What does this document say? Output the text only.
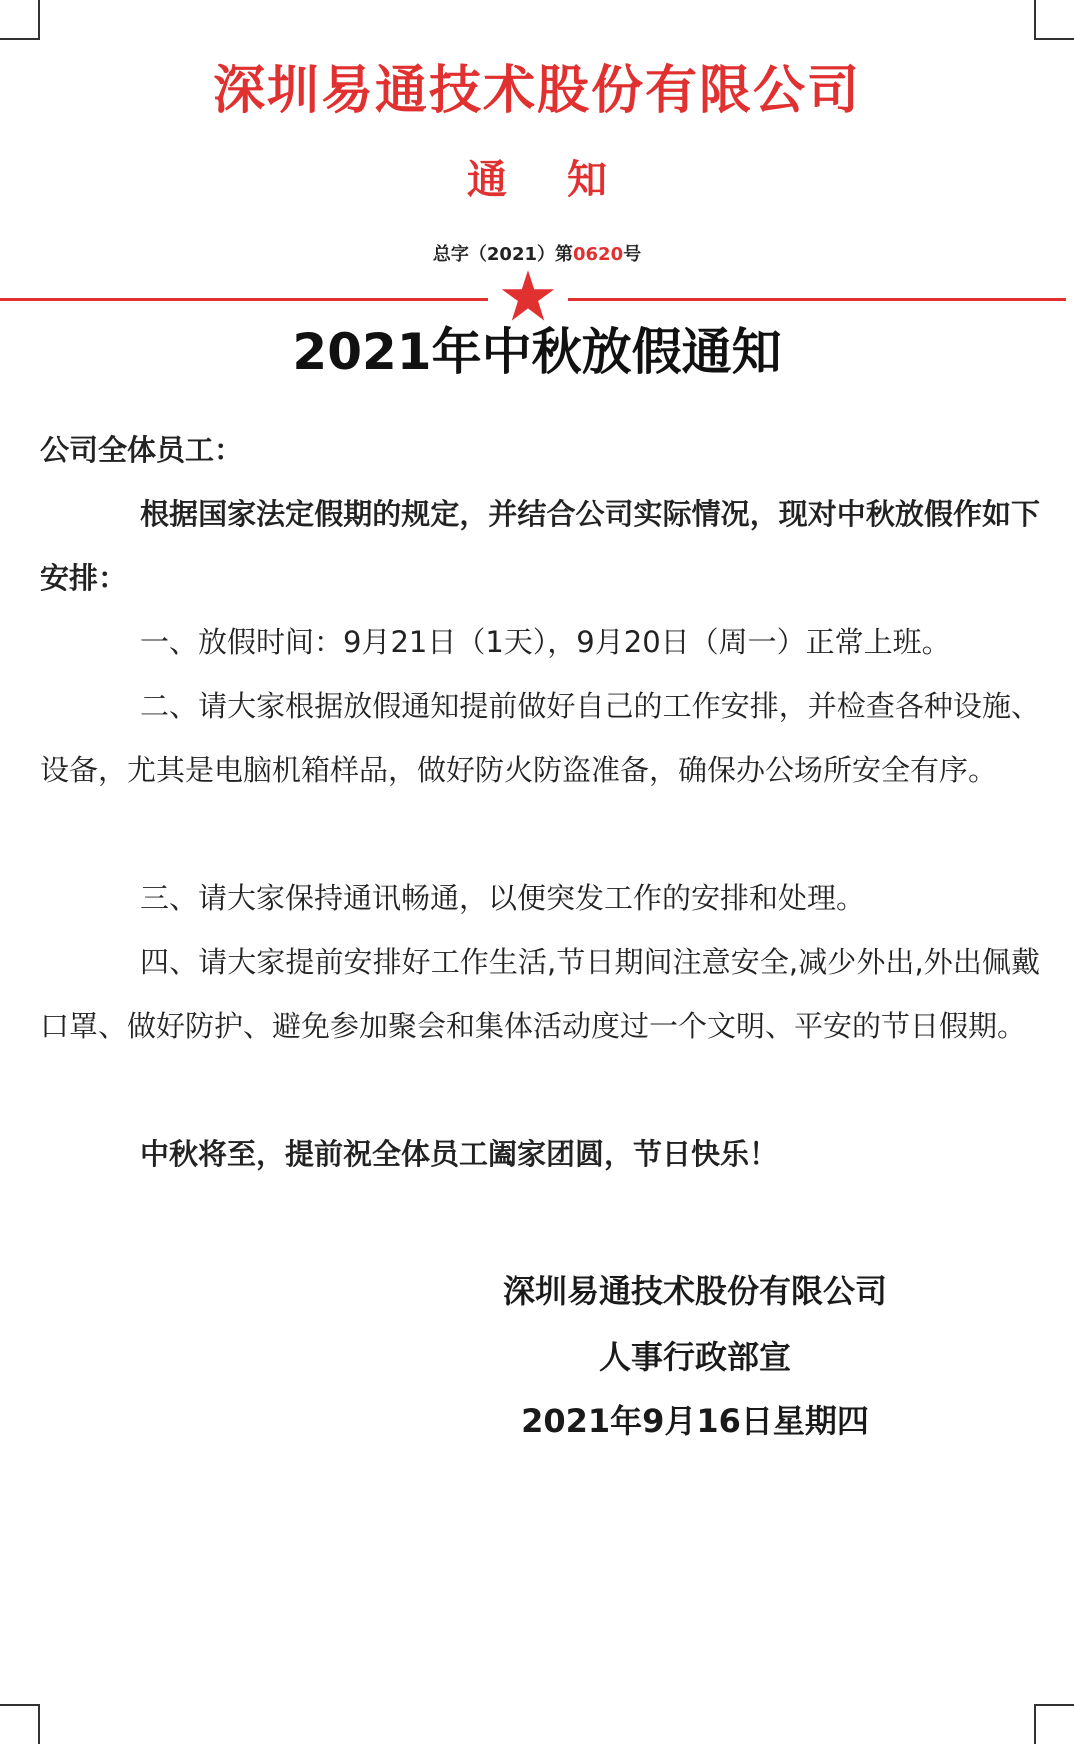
深圳易通技术股份有限公司
通知
总字（2021）第0620号
2021年中秋放假通知
公司全体员工：
根据国家法定假期的规定，并结合公司实际情况，现对中秋放假作如下安排：
一、放假时间：9月21日（1天），9月20日（周一）正常上班。
二、请大家根据放假通知提前做好自己的工作安排，并检查各种设施、设备，尤其是电脑机箱样品，做好防火防盗准备，确保办公场所安全有序。
三、请大家保持通讯畅通，以便突发工作的安排和处理。
四、请大家提前安排好工作生活,节日期间注意安全,减少外出,外出佩戴口罩、做好防护、避免参加聚会和集体活动度过一个文明、平安的节日假期。
中秋将至，提前祝全体员工阖家团圆，节日快乐！
深圳易通技术股份有限公司
人事行政部宣
2021年9月16日星期四
